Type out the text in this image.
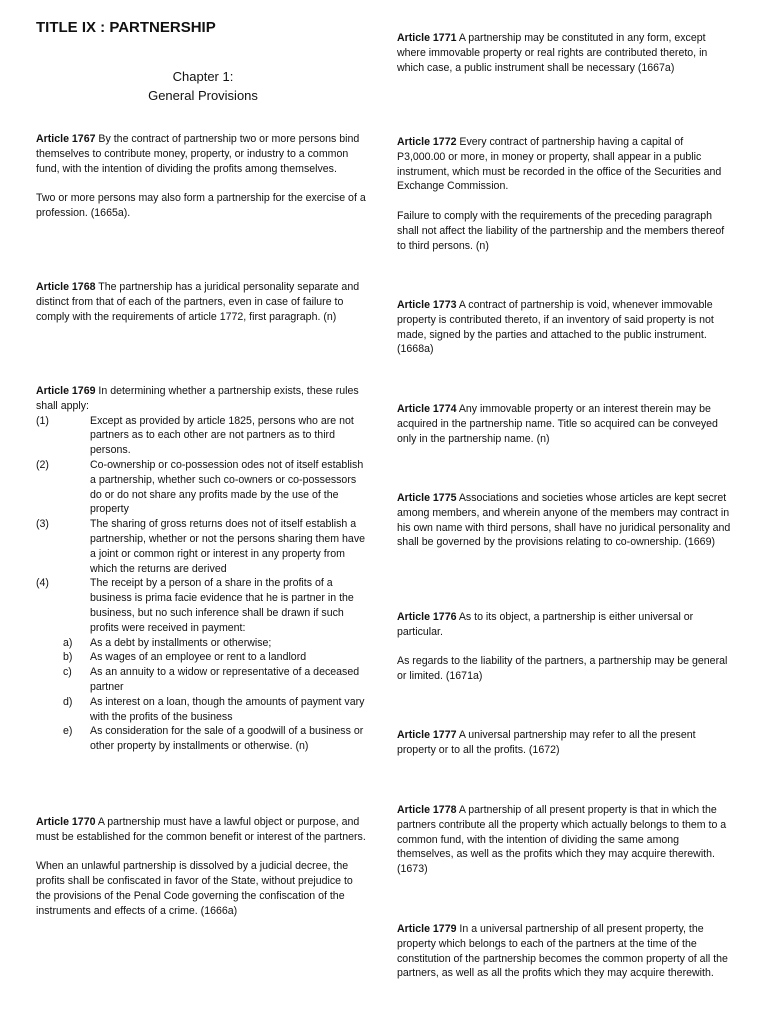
TITLE IX : PARTNERSHIP
Chapter 1:
General Provisions

Article 1767 By the contract of partnership two or more persons bind themselves to contribute money, property, or industry to a common fund, with the intention of dividing the profits among themselves.

Two or more persons may also form a partnership for the exercise of a profession. (1665a).

Article 1768 The partnership has a juridical personality separate and distinct from that of each of the partners, even in case of failure to comply with the requirements of article 1772, first paragraph. (n)

Article 1769 In determining whether a partnership exists, these rules shall apply:

(1)	Except as provided by article 1825, persons who are not partners as to each other are not partners as to third persons.
(2)	Co-ownership or co-possession odes not of itself establish a partnership, whether such co-owners or co-possessors do or do not share any profits made by the use of the property
(3)	The sharing of gross returns does not of itself establish a partnership, whether or not the persons sharing them have a joint or common right or interest in any property from which the returns are derived
(4)	The receipt by a person of a share in the profits of a business is prima facie evidence that he is partner in the business, but no such inference shall be drawn if such profits were received in payment:
a)	As a debt by installments or otherwise;
b)	As wages of an employee or rent to a landlord
c)	As an annuity to a widow or representative of a deceased partner
d)	As interest on a loan, though the amounts of payment vary with the profits of the business
e)	As consideration for the sale of a goodwill of a business or other property by installments or otherwise. (n)

Article 1770 A partnership must have a lawful object or purpose, and must be established for the common benefit or interest of the partners.

When an unlawful partnership is dissolved by a judicial decree, the profits shall be confiscated in favor of the State, without prejudice to the provisions of the Penal Code governing the confiscation of the instruments and effects of a crime. (1666a)

Article 1771 A partnership may be constituted in any form, except where immovable property or real rights are contributed thereto, in which case, a public instrument shall be necessary (1667a)

Article 1772 Every contract of partnership having a capital of P3,000.00 or more, in money or property, shall appear in a public instrument, which must be recorded in the office of the Securities and Exchange Commission.

Failure to comply with the requirements of the preceding paragraph shall not affect the liability of the partnership and the members thereof to third persons. (n)

Article 1773 A contract of partnership is void, whenever immovable property is contributed thereto, if an inventory of said property is not made, signed by the parties and attached to the public instrument. (1668a)

Article 1774 Any immovable property or an interest therein may be acquired in the partnership name. Title so acquired can be conveyed only in the partnership name. (n)

Article 1775 Associations and societies whose articles are kept secret among members, and wherein anyone of the members may contract in his own name with third persons, shall have no juridical personality and shall be governed by the provisions relating to co-ownership. (1669)

Article 1776 As to its object, a partnership is either universal or particular.

As regards to the liability of the partners, a partnership may be general or limited. (1671a)

Article 1777 A universal partnership may refer to all the present property or to all the profits. (1672)

Article 1778 A partnership of all present property is that in which the partners contribute all the property which actually belongs to them to a common fund, with the intention of dividing the same among themselves, as well as the profits which they may acquire therewith. (1673)

Article 1779 In a universal partnership of all present property, the property which belongs to each of the partners at the time of the constitution of the partnership becomes the common property of all the partners, as well as all the profits which they may acquire therewith.
